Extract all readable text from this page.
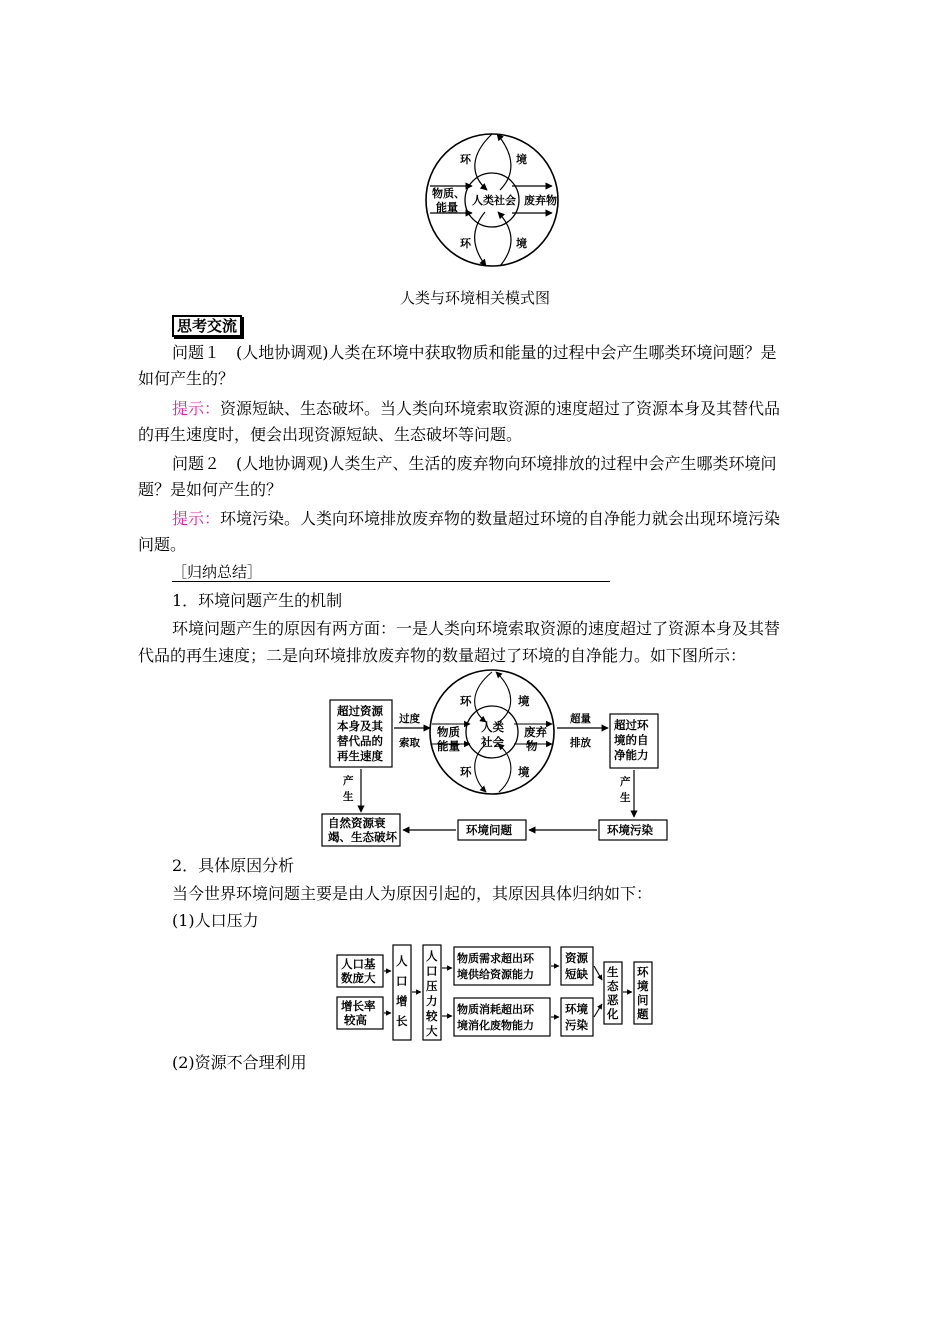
环	境
物质、
能量
人类社会 废弃物
环	境
人类与环境相关模式图
思考交流
问题１　(人地协调观)人类在环境中获取物质和能量的过程中会产生哪类环境问题？是
如何产生的？
提示：资源短缺、生态破坏。当人类向环境索取资源的速度超过了资源本身及其替代品
的再生速度时，便会出现资源短缺、生态破坏等问题。
问题２　(人地协调观)人类生产、生活的废弃物向环境排放的过程中会产生哪类环境问
题？是如何产生的？
提示：环境污染。人类向环境排放废弃物的数量超过环境的自净能力就会出现环境污染
问题。
［归纳总结］
1．环境问题产生的机制
环境问题产生的原因有两方面：一是人类向环境索取资源的速度超过了资源本身及其替
代品的再生速度；二是向环境排放废弃物的数量超过了环境的自净能力。如下图所示：
超过资源
本身及其
替代品的
再生速度
过度
索取
环	境
物质
能量
人类
社会
废弃
物
环	境
超量
排放
超过环
境的自
净能力
产
生
产
生
自然资源衰
竭、生态破坏	环境问题	环境污染
2．具体原因分析
当今世界环境问题主要是由人为原因引起的，其原因具体归纳如下：
(1)人口压力
人口基
数庞大
增长率
较高
人
口
增
长
人
口
压
力
较
大
物质需求超出环
境供给资源能力
物质消耗超出环
境消化废物能力
资源
短缺
环境
污染
生
态
恶
化
环
境
问
题
(2)资源不合理利用
